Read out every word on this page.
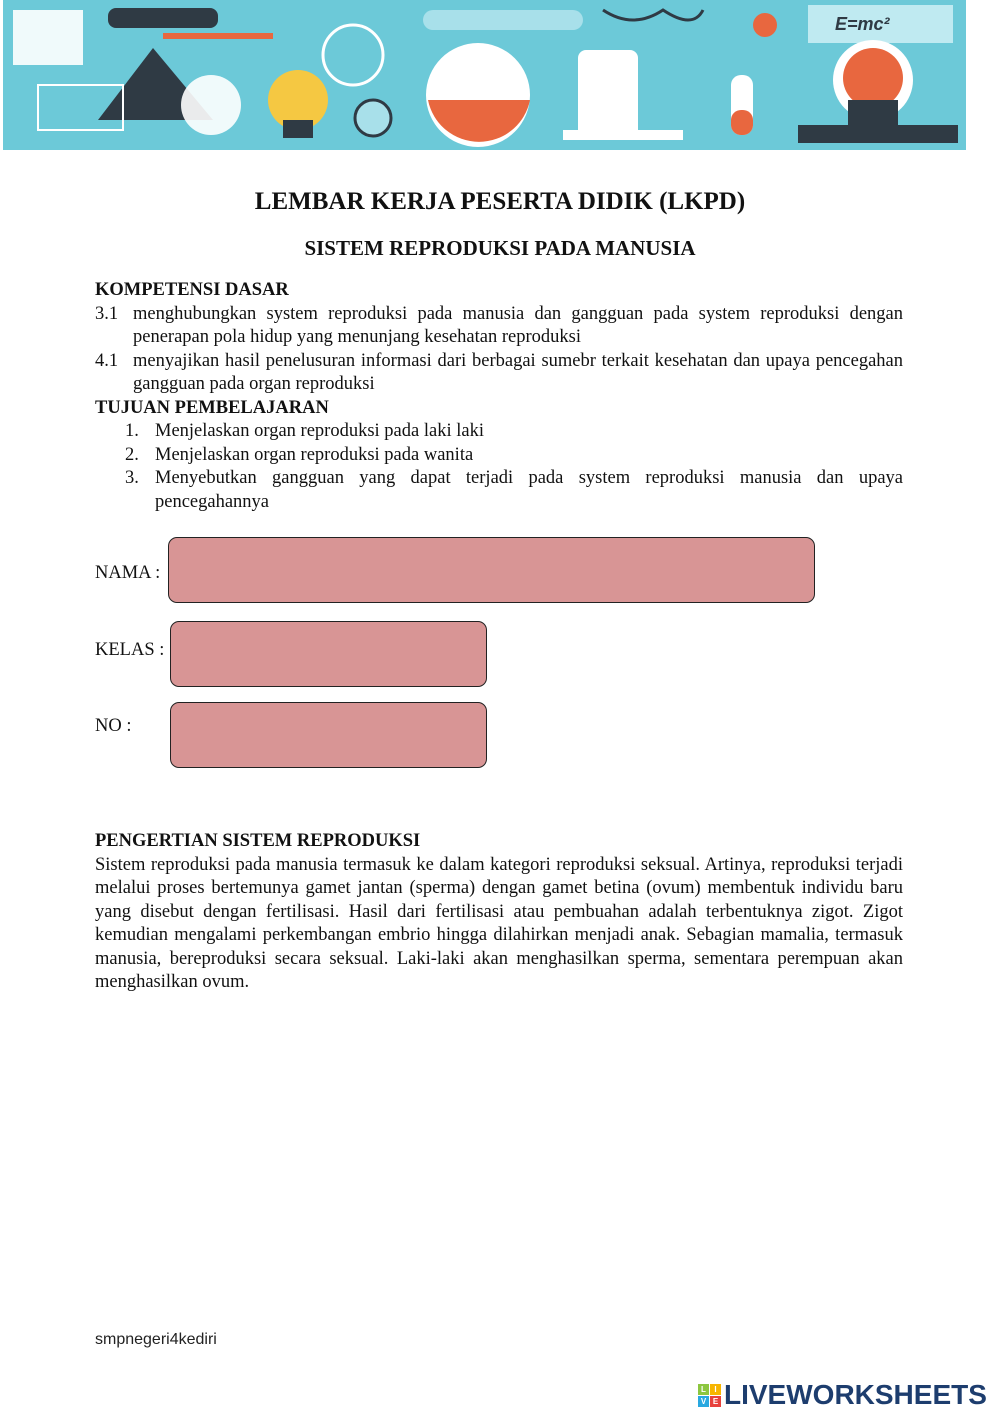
E=mc²
LEMBAR KERJA PESERTA DIDIK (LKPD)
SISTEM REPRODUKSI PADA MANUSIA
KOMPETENSI DASAR
3.1 menghubungkan system reproduksi pada manusia dan gangguan pada system reproduksi dengan penerapan pola hidup yang menunjang kesehatan reproduksi
4.1 menyajikan hasil penelusuran informasi dari berbagai sumebr terkait kesehatan dan upaya pencegahan gangguan pada organ reproduksi
TUJUAN PEMBELAJARAN
1. Menjelaskan organ reproduksi pada laki laki
2. Menjelaskan organ reproduksi pada wanita
3. Menyebutkan gangguan yang dapat terjadi pada system reproduksi manusia dan upaya pencegahannya
NAMA :
KELAS :
NO :
PENGERTIAN SISTEM REPRODUKSI
Sistem reproduksi pada manusia termasuk ke dalam kategori reproduksi seksual. Artinya, reproduksi terjadi melalui proses bertemunya gamet jantan (sperma) dengan gamet betina (ovum) membentuk individu baru yang disebut dengan fertilisasi. Hasil dari fertilisasi atau pembuahan adalah terbentuknya zigot. Zigot kemudian mengalami perkembangan embrio hingga dilahirkan menjadi anak. Sebagian mamalia, termasuk manusia, bereproduksi secara seksual. Laki-laki akan menghasilkan sperma, sementara perempuan akan menghasilkan ovum.
smpnegeri4kediri
L	I
V E LIVEWORKSHEETS
